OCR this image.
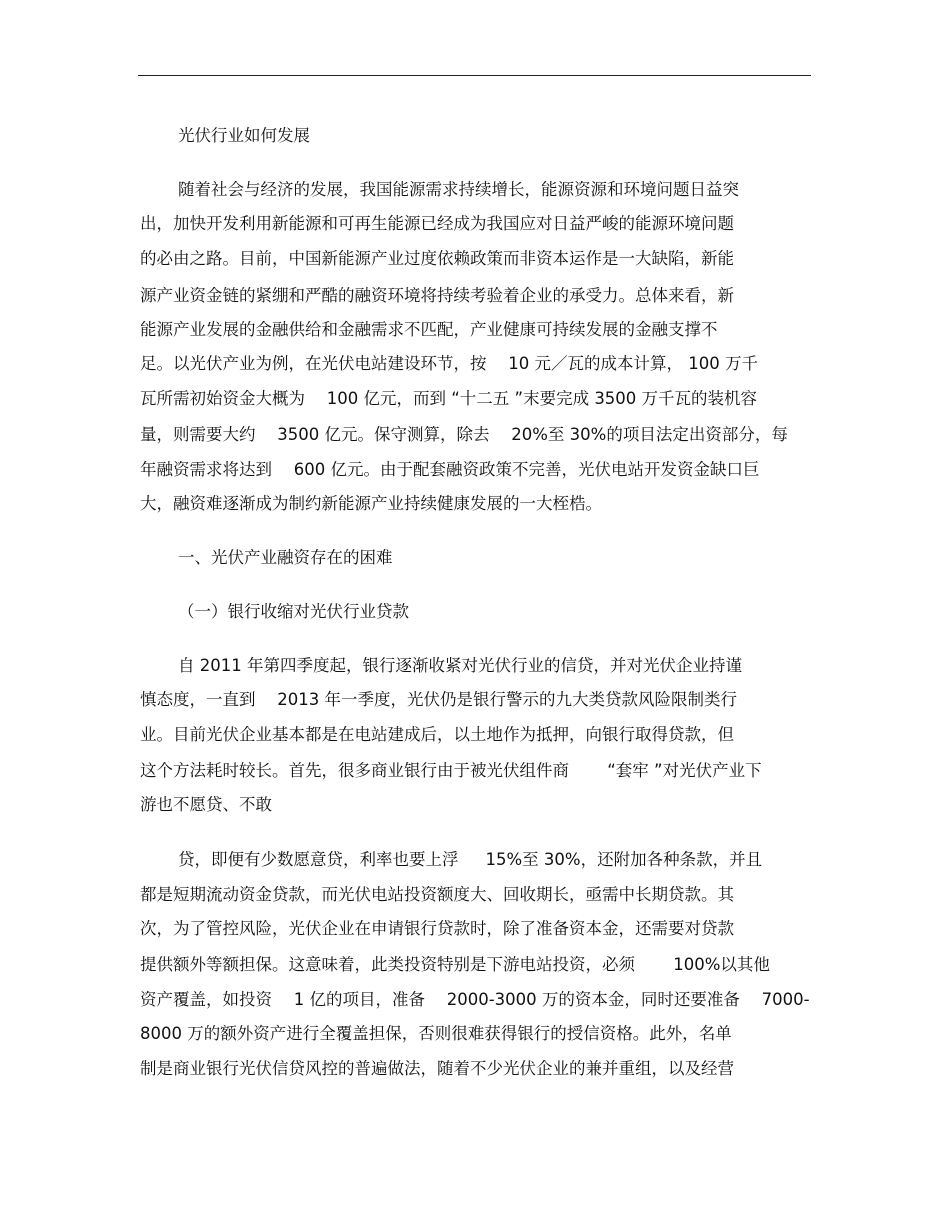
光伏行业如何发展
随着社会与经济的发展，我国能源需求持续增长，能源资源和环境问题日益突
出，加快开发利用新能源和可再生能源已经成为我国应对日益严峻的能源环境问题
的必由之路。目前，中国新能源产业过度依赖政策而非资本运作是一大缺陷，新能
源产业资金链的紧绷和严酷的融资环境将持续考验着企业的承受力。总体来看，新
能源产业发展的金融供给和金融需求不匹配，产业健康可持续发展的金融支撑不
足。以光伏产业为例，在光伏电站建设环节，按 　10 元／瓦的成本计算， 100 万千
瓦所需初始资金大概为 　100 亿元，而到 “十二五 ”末要完成 3500 万千瓦的装机容
量，则需要大约 　3500 亿元。保守测算，除去 　20%至 30%的项目法定出资部分，每
年融资需求将达到 　600 亿元。由于配套融资政策不完善，光伏电站开发资金缺口巨
大，融资难逐渐成为制约新能源产业持续健康发展的一大桎梏。
一、光伏产业融资存在的困难
（一）银行收缩对光伏行业贷款
自 2011 年第四季度起，银行逐渐收紧对光伏行业的信贷，并对光伏企业持谨
慎态度，一直到 　2013 年一季度，光伏仍是银行警示的九大类贷款风险限制类行
业。目前光伏企业基本都是在电站建成后，以土地作为抵押，向银行取得贷款，但
这个方法耗时较长。首先，很多商业银行由于被光伏组件商 　　“套牢 ”对光伏产业下
游也不愿贷、不敢
贷，即便有少数愿意贷，利率也要上浮 　 15%至 30%，还附加各种条款，并且
都是短期流动资金贷款，而光伏电站投资额度大、回收期长，亟需中长期贷款。其
次，为了管控风险，光伏企业在申请银行贷款时，除了准备资本金，还需要对贷款
提供额外等额担保。这意味着，此类投资特别是下游电站投资，必须 　　100%以其他
资产覆盖，如投资 　1 亿的项目，准备 　2000-3000 万的资本金，同时还要准备 　7000-
8000 万的额外资产进行全覆盖担保，否则很难获得银行的授信资格。此外，名单
制是商业银行光伏信贷风控的普遍做法，随着不少光伏企业的兼并重组，以及经营
